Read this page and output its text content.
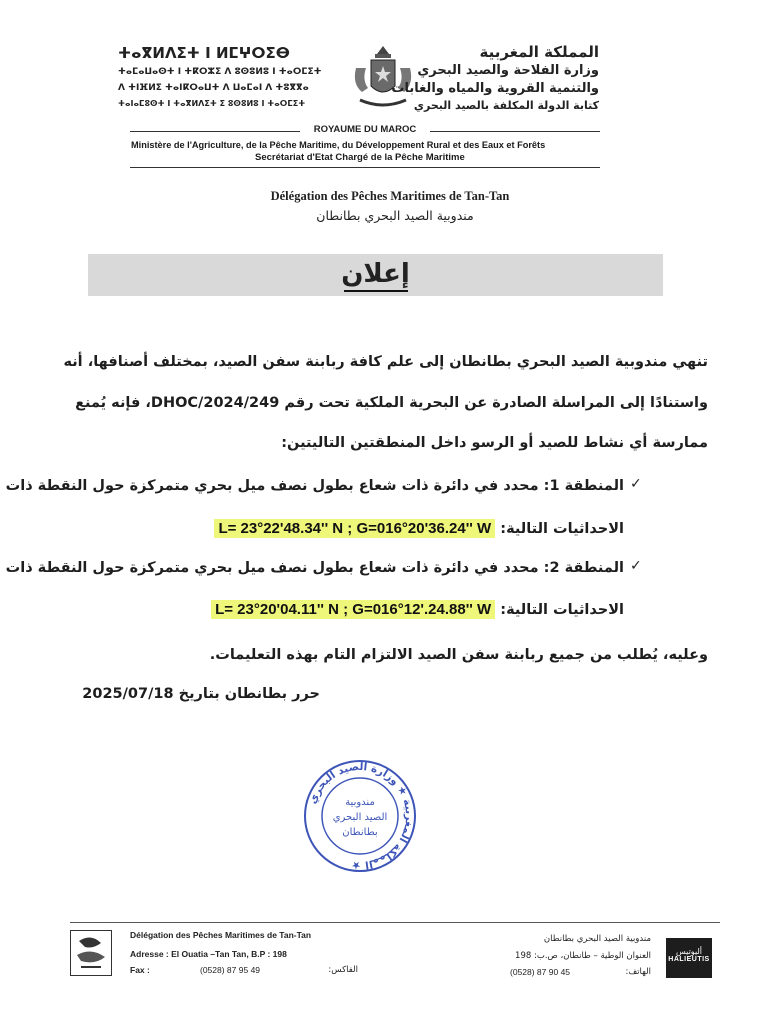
ⵜⴰⴳⵍⴷⵉⵜ ⵏ ⵍⵎⵖⵔⵉⴱ
ⵜⴰⵎⴰⵡⴰⵙⵜ ⵏ ⵜⴽⵔⵣⵉ ⴷ ⵓⵙⵓⵍⵓ ⵏ ⵜⴰⵔⵎⵉⵜ
ⴷ ⵜⵏⴼⵍⵉ ⵜⴰⵏⴽⵔⴰⵡⵜ ⴷ ⵡⴰⵎⴰⵏ ⴷ ⵜⵓⴳⴳⴰ
ⵜⴰⵏⴰⵎⵓⵙⵜ ⵏ ⵜⴰⴳⵍⴷⵉⵜ ⵉ ⵓⵙⵓⵍⵓ ⵏ ⵜⴰⵔⵎⵉⵜ
المملكة المغربية
وزارة الفلاحة والصيد البحري
والتنمية القروية والمياه والغابات
كتابة الدولة المكلفة بالصيد البحري
ROYAUME DU MAROC
Ministère de l'Agriculture, de la Pêche Maritime, du Développement Rural et des Eaux et Forêts
Secrétariat d'Etat Chargé de la Pêche Maritime
Délégation des Pêches Maritimes de Tan-Tan
مندوبية الصيد البحري بطانطان
إعلان
تنهي مندوبية الصيد البحري بطانطان إلى علم كافة ربابنة سفن الصيد، بمختلف أصنافها، أنه
واستنادًا إلى المراسلة الصادرة عن البحرية الملكية تحت رقم 249/DHOC/2024، فإنه يُمنع
ممارسة أي نشاط للصيد أو الرسو داخل المنطقتين التاليتين:
✓
المنطقة 1: محدد في دائرة ذات شعاع بطول نصف ميل بحري متمركزة حول النقطة ذات
الاحداثيات التالية: L= 23°22'48.34'' N ; G=016°20'36.24'' W
✓
المنطقة 2: محدد في دائرة ذات شعاع بطول نصف ميل بحري متمركزة حول النقطة ذات
الاحداثيات التالية: L= 23°20'04.11'' N ; G=016°12'.24.88'' W
وعليه، يُطلب من جميع ربابنة سفن الصيد الالتزام التام بهذه التعليمات.
حرر بطانطان بتاريخ 2025/07/18
المملكة المغربية ★ وزارة الصيد البحري ★
مندوبية
الصيد البحري
بطانطان
Délégation des Pêches Maritimes de Tan-Tan
Adresse : El Ouatia –Tan Tan, B.P : 198
Fax :	(0528) 87 95 49	الفاكس:
مندوبية الصيد البحري بطانطان
العنوان الوطية – طانطان، ص.ب: 198
الهاتف:
(0528) 87 90 45
أليوتيس
HALIEUTIS
